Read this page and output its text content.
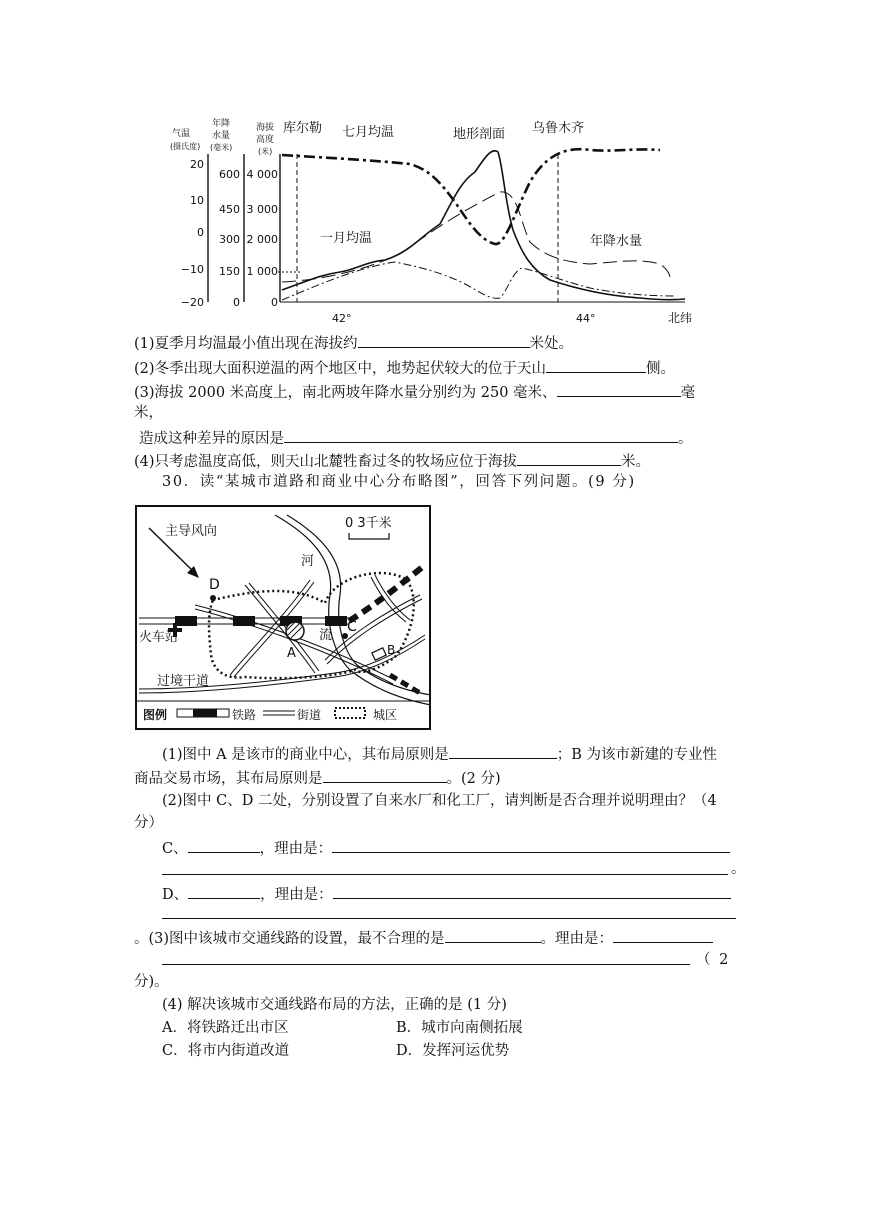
气温
(摄氏度)
20
10
0
−10
−20
年降
水量
(毫米)
600
450
300
150
0
海拔
高度
(米)
4 000
3 000
2 000
1 000
0
库尔勒 七月均温	地形剖面 乌鲁木齐
一月均温	年降水量
42°	44°	北纬
(1)夏季月均温最小值出现在海拔约	米处。
(2)冬季出现大面积逆温的两个地区中，地势起伏较大的位于天山	侧。
(3)海拔 2000 米高度上，南北两坡年降水量分别约为 250 毫米、	毫
米，
造成这种差异的原因是	。
(4)只考虑温度高低，则天山北麓牲畜过冬的牧场应位于海拔	米。
30．读“某城市道路和商业中心分布略图”，回答下列问题。(9 分)
主导风向
0 3千米
河
流
火车站
过境干道
A	B
C
D
图例	铁路	街道	城区
(1)图中 A 是该市的商业中心，其布局原则是	；B 为该市新建的专业性
商品交易市场，其布局原则是	。(2 分)
(2)图中 C、D 二处，分别设置了自来水厂和化工厂，请判断是否合理并说明理由？（4
分）
C、	，理由是：
。
D、	，理由是：
。(3)图中该城市交通线路的设置，最不合理的是	。理由是：
（ 2
分)。
(4) 解决该城市交通线路布局的方法，正确的是 (1 分)
A．将铁路迁出市区	B．城市向南侧拓展
C．将市内街道改道	D．发挥河运优势
